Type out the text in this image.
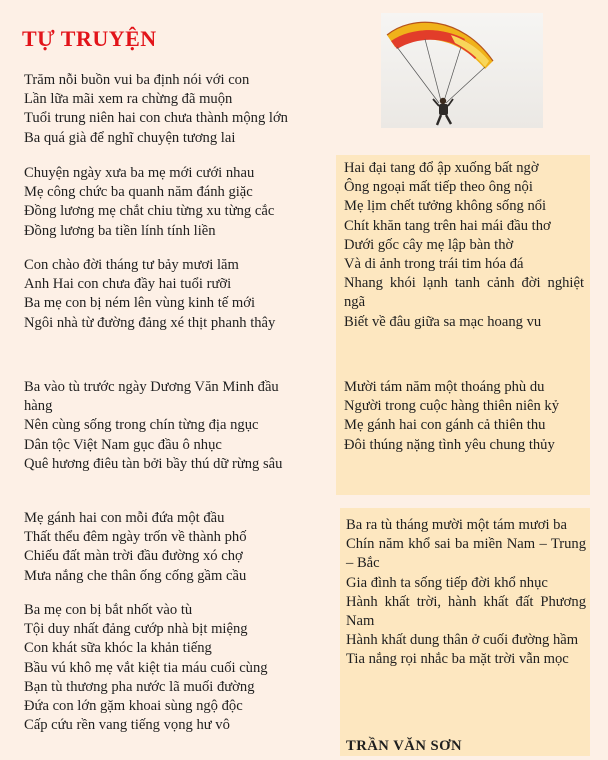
TỰ TRUYỆN
Trăm nỗi buồn vui ba định nói với con
Lần lữa mãi xem ra chừng đã muộn
Tuổi trung niên hai con chưa thành mộng lớn
Ba quá già để nghĩ chuyện tương lai
Chuyện ngày xưa ba mẹ mới cưới nhau
Mẹ công chức ba quanh năm đánh giặc
Đồng lương mẹ chắt chiu từng xu từng cắc
Đồng lương ba tiền lính tính liền
Con chào đời tháng tư bảy mươi lăm
Anh Hai con chưa đầy hai tuổi rưỡi
Ba mẹ con bị ném lên vùng kinh tế mới
Ngôi nhà từ đường đảng xé thịt phanh thây
Ba vào tù trước ngày Dương Văn Minh đầu hàng
Nên cùng sống trong chín từng địa ngục
Dân tộc Việt Nam gục đầu ô nhục
Quê hương điêu tàn bởi bầy thú dữ rừng sâu
Mẹ gánh hai con mỗi đứa một đầu
Thất thểu đêm ngày trốn về thành phố
Chiếu đất màn trời đầu đường xó chợ
Mưa nắng che thân ống cống gầm cầu
Ba mẹ con bị bắt nhốt vào tù
Tội duy nhất đảng cướp nhà bịt miệng
Con khát sữa khóc la khản tiếng
Bầu vú khô mẹ vắt kiệt tia máu cuối cùng
Bạn tù thương pha nước lã muối đường
Đứa con lớn gặm khoai sùng ngộ độc
Cấp cứu rền vang tiếng vọng hư vô
Hai đại tang đổ ập xuống bất ngờ
Ông ngoại mất tiếp theo ông nội
Mẹ lịm chết tưởng không sống nổi
Chít khăn tang trên hai mái đầu thơ
Dưới gốc cây mẹ lập bàn thờ
Và di ảnh trong trái tim hóa đá
Nhang khói lạnh tanh cảnh đời nghiệt ngã
Biết về đâu giữa sa mạc hoang vu
Mười tám năm một thoáng phù du
Người trong cuộc hàng thiên niên kỷ
Mẹ gánh hai con gánh cả thiên thu
Đôi thúng nặng tình yêu chung thủy
Ba ra tù tháng mười một tám mươi ba
Chín năm khổ sai ba miền Nam – Trung – Bắc
Gia đình ta sống tiếp đời khổ nhục
Hành khất trời, hành khất đất Phương Nam
Hành khất dung thân ở cuối đường hầm
Tia nắng rọi nhắc ba mặt trời vẫn mọc
TRẦN VĂN SƠN
